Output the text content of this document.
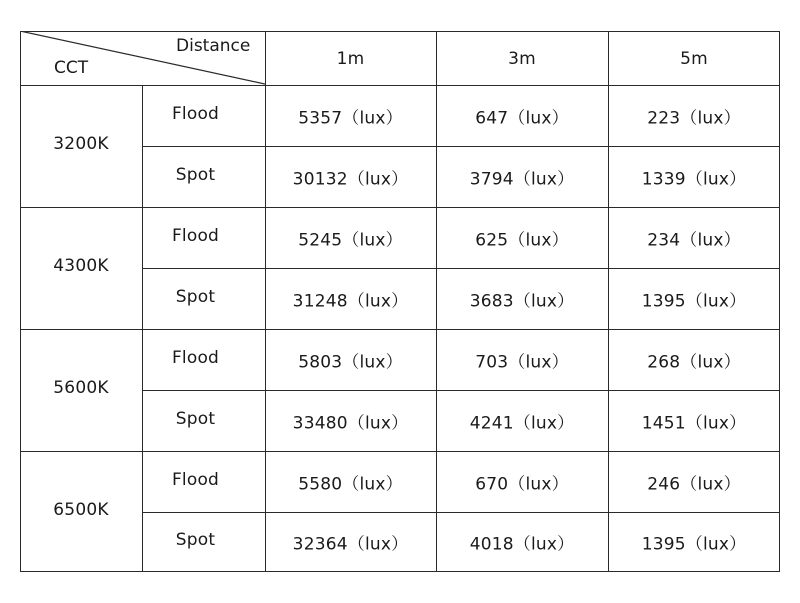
Distance
CCT	1m	3m	5m
3200K
Flood	5357（lux）	647（lux）	223（lux）
Spot	30132（lux）	3794（lux）	1339（lux）
4300K
Flood	5245（lux）	625（lux）	234（lux）
Spot	31248（lux）	3683（lux）	1395（lux）
5600K
Flood	5803（lux）	703（lux）	268（lux）
Spot	33480（lux）	4241（lux）	1451（lux）
6500K
Flood	5580（lux）	670（lux）	246（lux）
Spot	32364（lux）	4018（lux）	1395（lux）
